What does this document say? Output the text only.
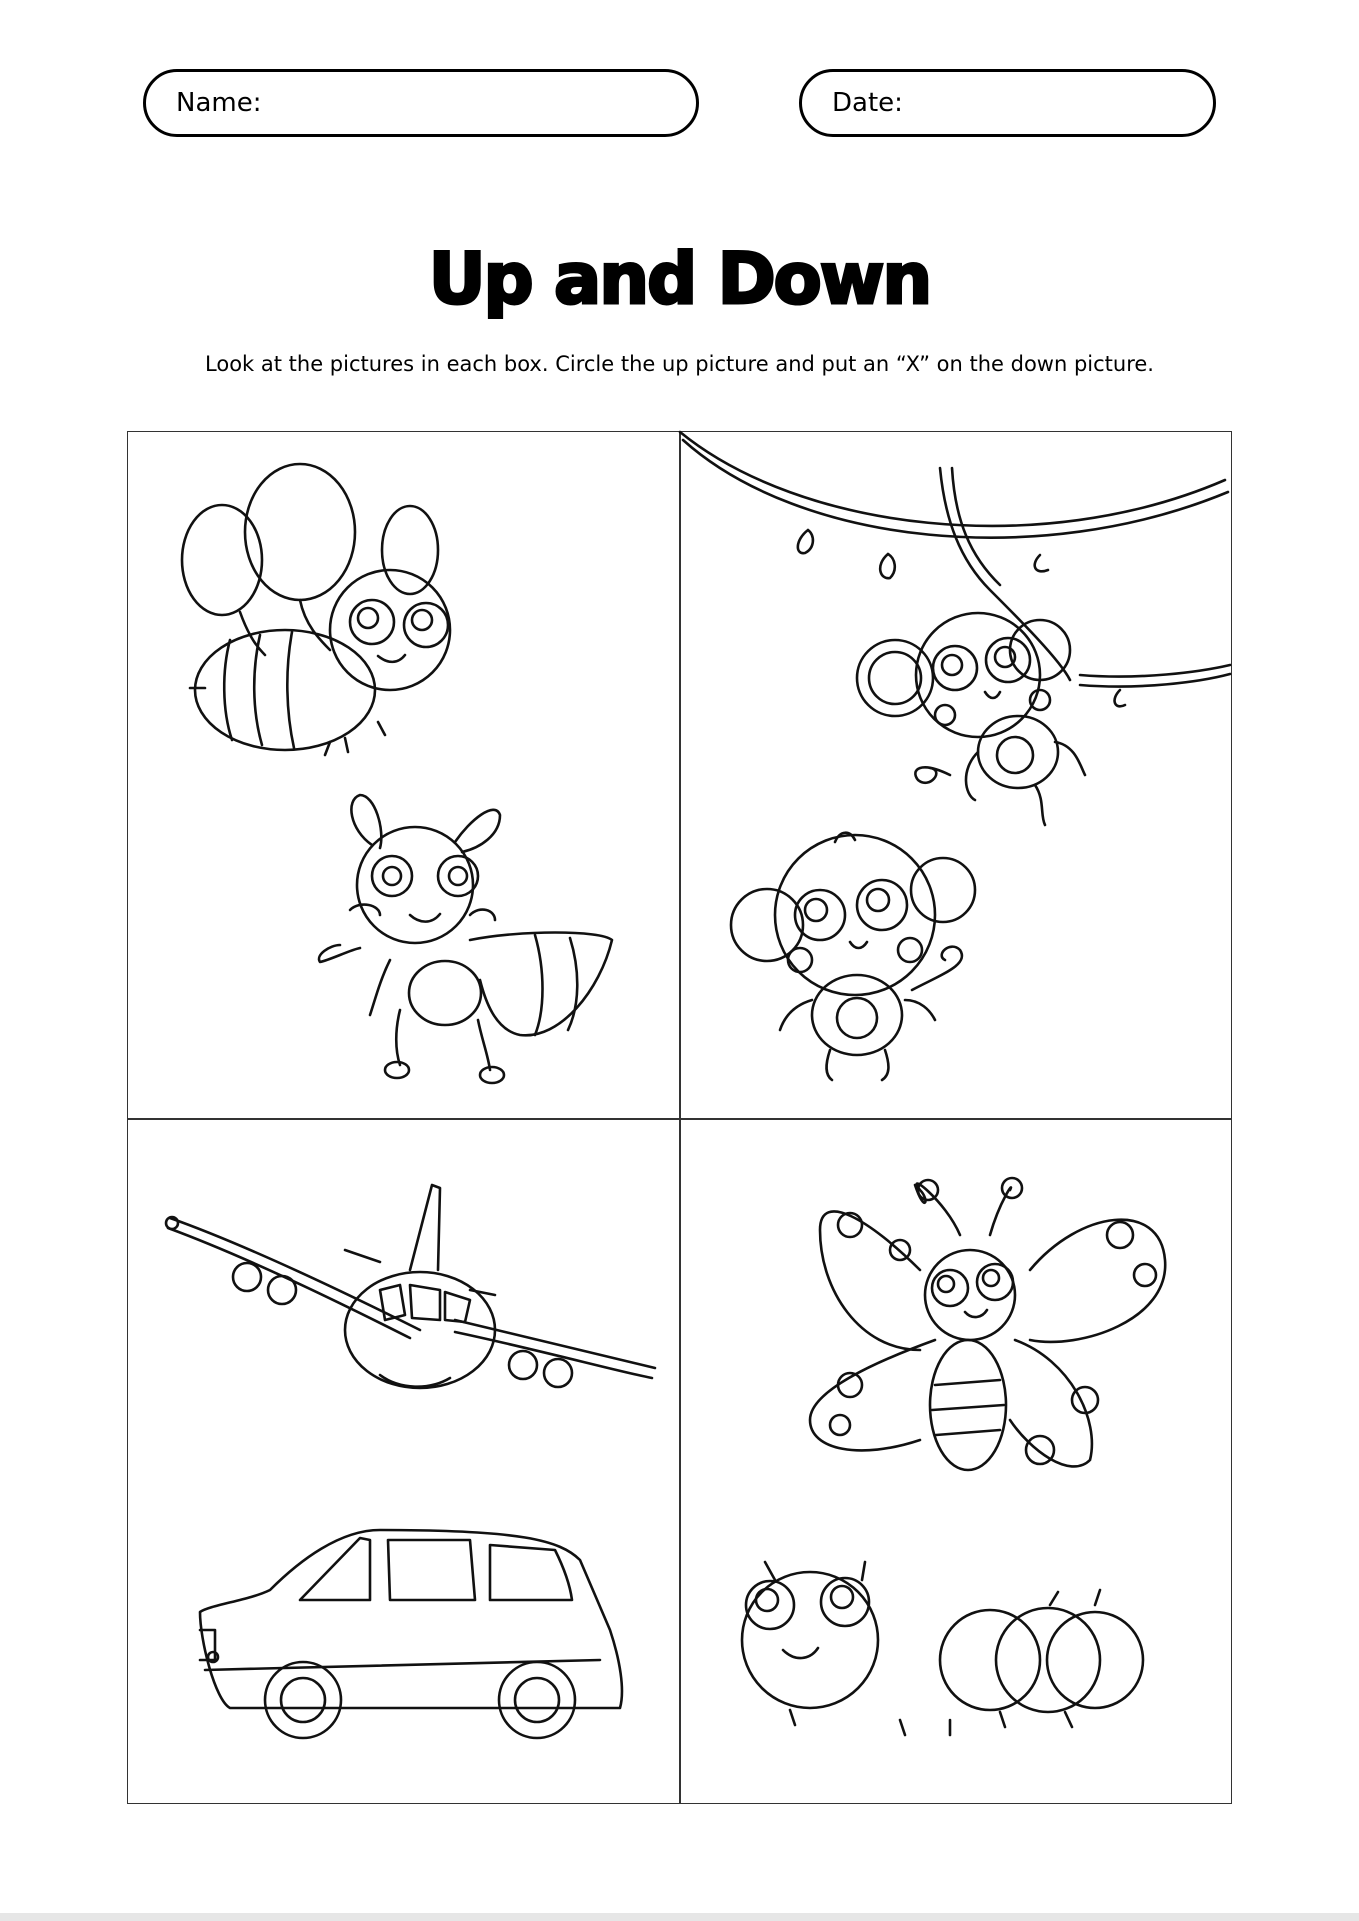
Name:	Date:
Up and Down
Look at the pictures in each box. Circle the up picture and put an “X” on the down picture.
